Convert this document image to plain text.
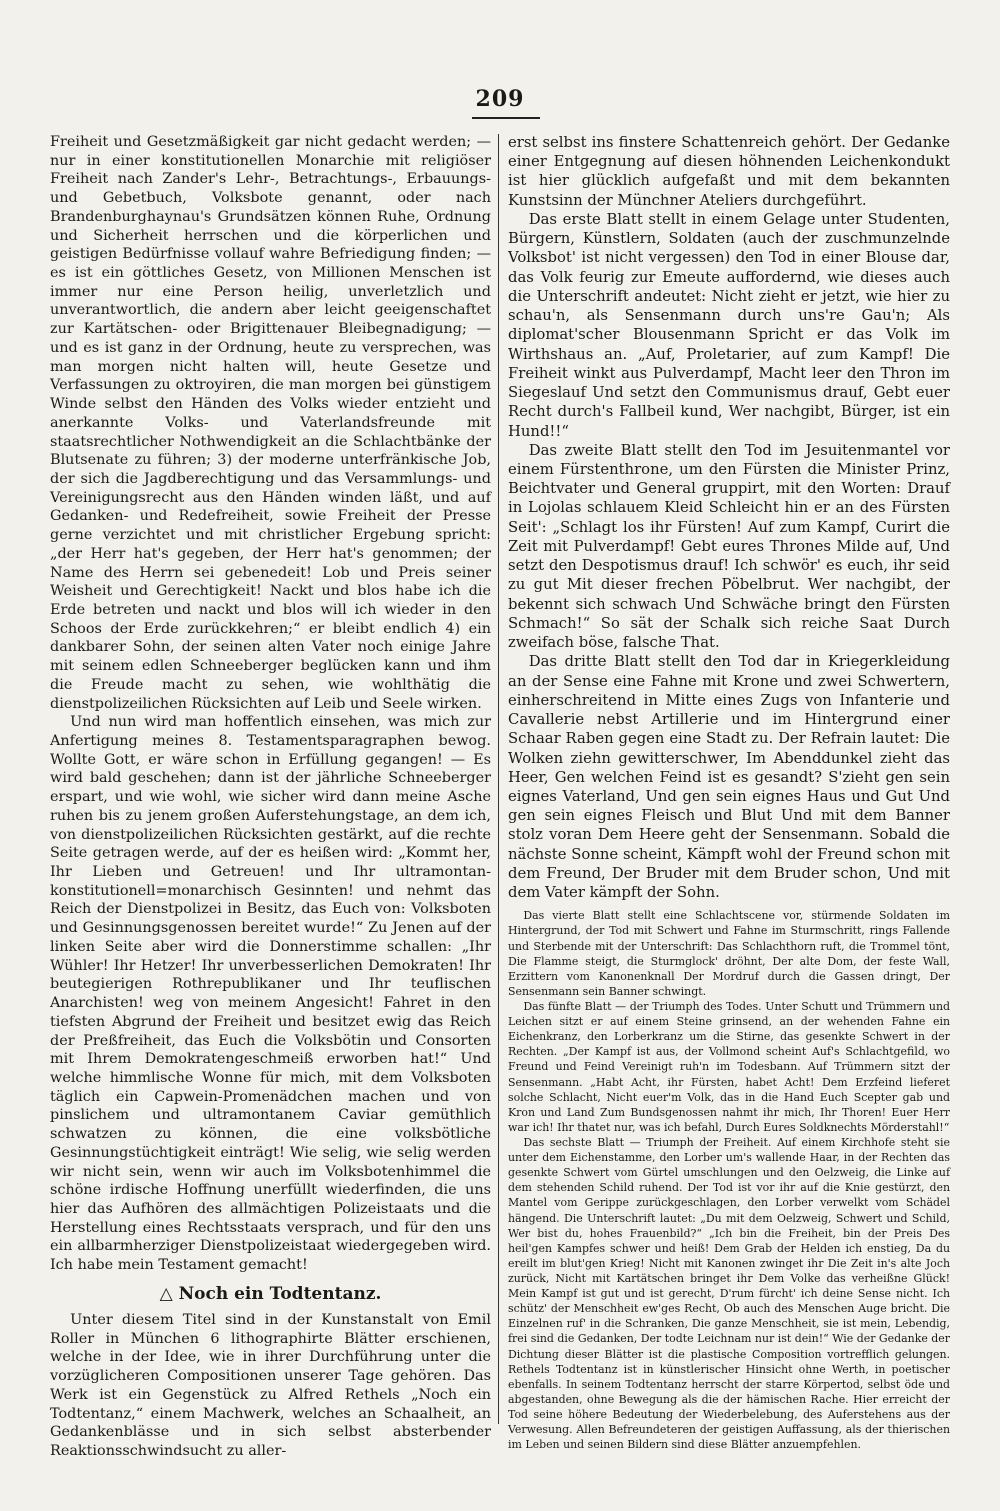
209

Freiheit und Gesetzmäßigkeit gar nicht gedacht werden; — nur in einer konstitutionellen Monarchie mit religiöser Freiheit nach Zander's Lehr-, Betrachtungs-, Erbauungs- und Gebetbuch, Volksbote genannt, oder nach Brandenburghaynau's Grundsätzen können Ruhe, Ordnung und Sicherheit herrschen und die körperlichen und geistigen Bedürfnisse vollauf wahre Befriedigung finden; — es ist ein göttliches Gesetz, von Millionen Menschen ist immer nur eine Person heilig, unverletzlich und unverantwortlich, die andern aber leicht geeigenschaftet zur Kartätschen- oder Brigittenauer Bleibegnadigung; — und es ist ganz in der Ordnung, heute zu versprechen, was man morgen nicht halten will, heute Gesetze und Verfassungen zu oktroyiren, die man morgen bei günstigem Winde selbst den Händen des Volks wieder entzieht und anerkannte Volks- und Vaterlandsfreunde mit staatsrechtlicher Nothwendigkeit an die Schlachtbänke der Blutsenate zu führen; 3) der moderne unterfränkische Job, der sich die Jagdberechtigung und das Versammlungs- und Vereinigungsrecht aus den Händen winden läßt, und auf Gedanken- und Redefreiheit, sowie Freiheit der Presse gerne verzichtet und mit christlicher Ergebung spricht: „der Herr hat's gegeben, der Herr hat's genommen; der Name des Herrn sei gebenedeit! Lob und Preis seiner Weisheit und Gerechtigkeit! Nackt und blos habe ich die Erde betreten und nackt und blos will ich wieder in den Schoos der Erde zurückkehren;“ er bleibt endlich 4) ein dankbarer Sohn, der seinen alten Vater noch einige Jahre mit seinem edlen Schneeberger beglücken kann und ihm die Freude macht zu sehen, wie wohlthätig die dienstpolizeilichen Rücksichten auf Leib und Seele wirken.

Und nun wird man hoffentlich einsehen, was mich zur Anfertigung meines 8. Testamentsparagraphen bewog. Wollte Gott, er wäre schon in Erfüllung gegangen! — Es wird bald geschehen; dann ist der jährliche Schneeberger erspart, und wie wohl, wie sicher wird dann meine Asche ruhen bis zu jenem großen Auferstehungstage, an dem ich, von dienstpolizeilichen Rücksichten gestärkt, auf die rechte Seite getragen werde, auf der es heißen wird: „Kommt her, Ihr Lieben und Getreuen! und Ihr ultramontan-konstitutionell=monarchisch Gesinnten! und nehmt das Reich der Dienstpolizei in Besitz, das Euch von: Volksboten und Gesinnungsgenossen bereitet wurde!“ Zu Jenen auf der linken Seite aber wird die Donnerstimme schallen: „Ihr Wühler! Ihr Hetzer! Ihr unverbesserlichen Demokraten! Ihr beutegierigen Rothrepublikaner und Ihr teuflischen Anarchisten! weg von meinem Angesicht! Fahret in den tiefsten Abgrund der Freiheit und besitzet ewig das Reich der Preßfreiheit, das Euch die Volksbötin und Consorten mit Ihrem Demokratengeschmeiß erworben hat!“ Und welche himmlische Wonne für mich, mit dem Volksboten täglich ein Capwein-Promenädchen machen und von pinslichem und ultramontanem Caviar gemüthlich schwatzen zu können, die eine volksbötliche Gesinnungstüchtigkeit einträgt! Wie selig, wie selig werden wir nicht sein, wenn wir auch im Volksbotenhimmel die schöne irdische Hoffnung unerfüllt wiederfinden, die uns hier das Aufhören des allmächtigen Polizeistaats und die Herstellung eines Rechtsstaats versprach, und für den uns ein allbarmherziger Dienstpolizeistaat wiedergegeben wird. Ich habe mein Testament gemacht!

△ Noch ein Todtentanz.

Unter diesem Titel sind in der Kunstanstalt von Emil Roller in München 6 lithographirte Blätter erschienen, welche in der Idee, wie in ihrer Durchführung unter die vorzüglicheren Compositionen unserer Tage gehören. Das Werk ist ein Gegenstück zu Alfred Rethels „Noch ein Todtentanz,“ einem Machwerk, welches an Schaalheit, an Gedankenblässe und in sich selbst absterbender Reaktionsschwindsucht zu aller-

erst selbst ins finstere Schattenreich gehört. Der Gedanke einer Entgegnung auf diesen höhnenden Leichenkondukt ist hier glücklich aufgefaßt und mit dem bekannten Kunstsinn der Münchner Ateliers durchgeführt.

Das erste Blatt stellt in einem Gelage unter Studenten, Bürgern, Künstlern, Soldaten (auch der zuschmunzelnde Volksbot' ist nicht vergessen) den Tod in einer Blouse dar, das Volk feurig zur Emeute auffordernd, wie dieses auch die Unterschrift andeutet: Nicht zieht er jetzt, wie hier zu schau'n, als Sensenmann durch uns're Gau'n; Als diplomat'scher Blousenmann Spricht er das Volk im Wirthshaus an. „Auf, Proletarier, auf zum Kampf! Die Freiheit winkt aus Pulverdampf, Macht leer den Thron im Siegeslauf Und setzt den Communismus drauf, Gebt euer Recht durch's Fallbeil kund, Wer nachgibt, Bürger, ist ein Hund!!“

Das zweite Blatt stellt den Tod im Jesuitenmantel vor einem Fürstenthrone, um den Fürsten die Minister Prinz, Beichtvater und General gruppirt, mit den Worten: Drauf in Lojolas schlauem Kleid Schleicht hin er an des Fürsten Seit': „Schlagt los ihr Fürsten! Auf zum Kampf, Curirt die Zeit mit Pulverdampf! Gebt eures Thrones Milde auf, Und setzt den Despotismus drauf! Ich schwör' es euch, ihr seid zu gut Mit dieser frechen Pöbelbrut. Wer nachgibt, der bekennt sich schwach Und Schwäche bringt den Fürsten Schmach!“ So sät der Schalk sich reiche Saat Durch zweifach böse, falsche That.

Das dritte Blatt stellt den Tod dar in Kriegerkleidung an der Sense eine Fahne mit Krone und zwei Schwertern, einherschreitend in Mitte eines Zugs von Infanterie und Cavallerie nebst Artillerie und im Hintergrund einer Schaar Raben gegen eine Stadt zu. Der Refrain lautet: Die Wolken ziehn gewitterschwer, Im Abenddunkel zieht das Heer, Gen welchen Feind ist es gesandt? S'zieht gen sein eignes Vaterland, Und gen sein eignes Haus und Gut Und gen sein eignes Fleisch und Blut Und mit dem Banner stolz voran Dem Heere geht der Sensenmann. Sobald die nächste Sonne scheint, Kämpft wohl der Freund schon mit dem Freund, Der Bruder mit dem Bruder schon, Und mit dem Vater kämpft der Sohn.

Das vierte Blatt stellt eine Schlachtscene vor, stürmende Soldaten im Hintergrund, der Tod mit Schwert und Fahne im Sturmschritt, rings Fallende und Sterbende mit der Unterschrift: Das Schlachthorn ruft, die Trommel tönt, Die Flamme steigt, die Sturmglock' dröhnt, Der alte Dom, der feste Wall, Erzittern vom Kanonenknall Der Mordruf durch die Gassen dringt, Der Sensenmann sein Banner schwingt.

Das fünfte Blatt — der Triumph des Todes. Unter Schutt und Trümmern und Leichen sitzt er auf einem Steine grinsend, an der wehenden Fahne ein Eichenkranz, den Lorberkranz um die Stirne, das gesenkte Schwert in der Rechten. „Der Kampf ist aus, der Vollmond scheint Auf's Schlachtgefild, wo Freund und Feind Vereinigt ruh'n im Todesbann. Auf Trümmern sitzt der Sensenmann. „Habt Acht, ihr Fürsten, habet Acht! Dem Erzfeind lieferet solche Schlacht, Nicht euer'm Volk, das in die Hand Euch Scepter gab und Kron und Land Zum Bundsgenossen nahmt ihr mich, Ihr Thoren! Euer Herr war ich! Ihr thatet nur, was ich befahl, Durch Eures Soldknechts Mörderstahl!“

Das sechste Blatt — Triumph der Freiheit. Auf einem Kirchhofe steht sie unter dem Eichenstamme, den Lorber um's wallende Haar, in der Rechten das gesenkte Schwert vom Gürtel umschlungen und den Oelzweig, die Linke auf dem stehenden Schild ruhend. Der Tod ist vor ihr auf die Knie gestürzt, den Mantel vom Gerippe zurückgeschlagen, den Lorber verwelkt vom Schädel hängend. Die Unterschrift lautet: „Du mit dem Oelzweig, Schwert und Schild, Wer bist du, hohes Frauenbild?“ „Ich bin die Freiheit, bin der Preis Des heil'gen Kampfes schwer und heiß! Dem Grab der Helden ich enstieg, Da du ereilt im blut'gen Krieg! Nicht mit Kanonen zwinget ihr Die Zeit in's alte Joch zurück, Nicht mit Kartätschen bringet ihr Dem Volke das verheißne Glück! Mein Kampf ist gut und ist gerecht, D'rum fürcht' ich deine Sense nicht. Ich schütz' der Menschheit ew'ges Recht, Ob auch des Menschen Auge bricht. Die Einzelnen ruf' in die Schranken, Die ganze Menschheit, sie ist mein, Lebendig, frei sind die Gedanken, Der todte Leichnam nur ist dein!“ Wie der Gedanke der Dichtung dieser Blätter ist die plastische Composition vortrefflich gelungen. Rethels Todtentanz ist in künstlerischer Hinsicht ohne Werth, in poetischer ebenfalls. In seinem Todtentanz herrscht der starre Körpertod, selbst öde und abgestanden, ohne Bewegung als die der hämischen Rache. Hier erreicht der Tod seine höhere Bedeutung der Wiederbelebung, des Auferstehens aus der Verwesung. Allen Befreundeteren der geistigen Auffassung, als der thierischen im Leben und seinen Bildern sind diese Blätter anzuempfehlen.
